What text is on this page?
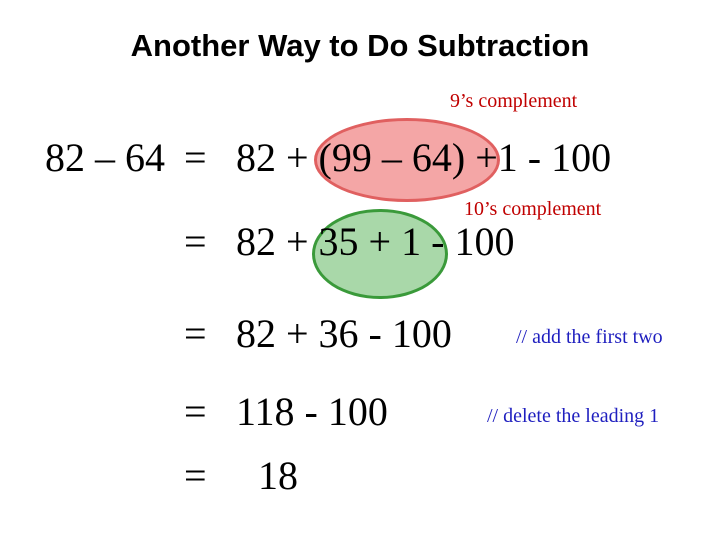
Another Way to Do Subtraction
9’s complement
10’s complement
82 – 64 = 82 + (99 – 64) +1 - 100
= 82 + 35 + 1 - 100
= 82 + 36 - 100	// add the first two
= 118 - 100	// delete the leading 1
= 18
